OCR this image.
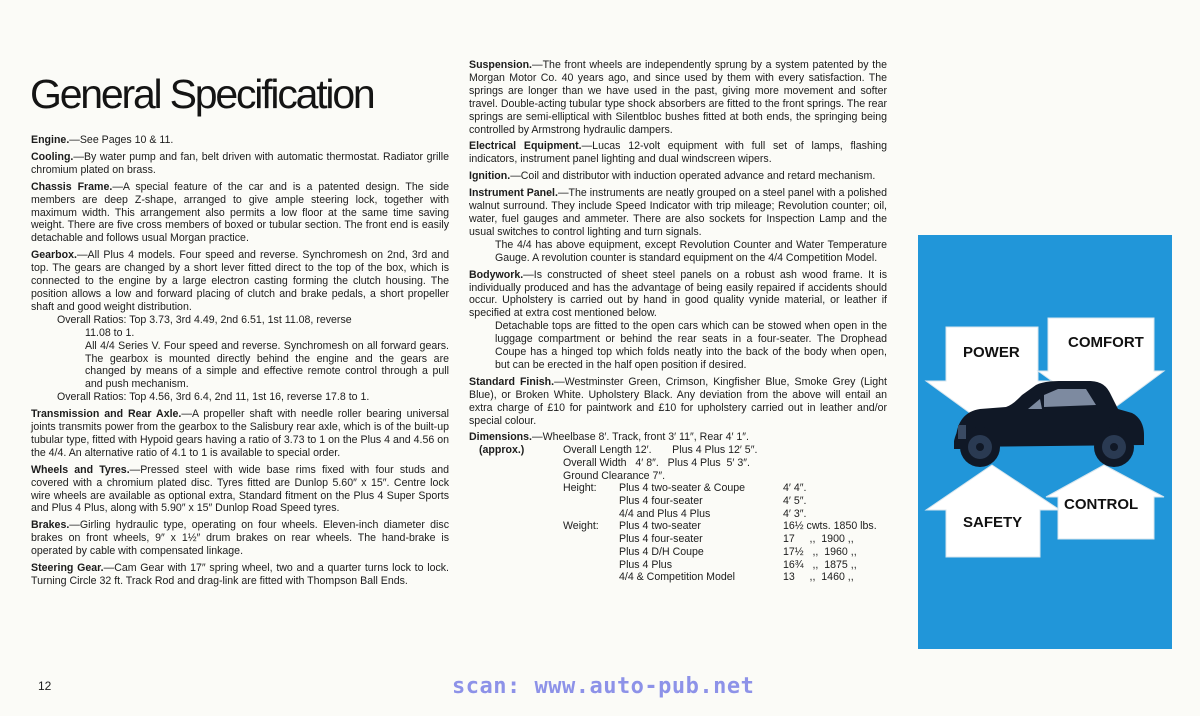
General Specification

Engine.—See Pages 10 & 11.

Cooling.—By water pump and fan, belt driven with automatic thermostat. Radiator grille chromium plated on brass.

Chassis Frame.—A special feature of the car and is a patented design. The side members are deep Z-shape, arranged to give ample steering lock, together with maximum width. This arrangement also permits a low floor at the same time saving weight. There are five cross members of boxed or tubular section. The front end is easily detachable and follows usual Morgan practice.

Gearbox.—All Plus 4 models. Four speed and reverse. Synchromesh on 2nd, 3rd and top. The gears are changed by a short lever fitted direct to the top of the box, which is connected to the engine by a large electron casting forming the clutch housing. The position allows a low and forward placing of clutch and brake pedals, a short propeller shaft and good weight distribution.

Overall Ratios: Top 3.73, 3rd 4.49, 2nd 6.51, 1st 11.08, reverse
11.08 to 1.
All 4/4 Series V. Four speed and reverse. Synchromesh on all forward gears. The gearbox is mounted directly behind the engine and the gears are changed by means of a simple and effective remote control through a pull and push mechanism.
Overall Ratios: Top 4.56, 3rd 6.4, 2nd 11, 1st 16, reverse 17.8 to 1.

Transmission and Rear Axle.—A propeller shaft with needle roller bearing universal joints transmits power from the gearbox to the Salisbury rear axle, which is of the built-up tubular type, fitted with Hypoid gears having a ratio of 3.73 to 1 on the Plus 4 and 4.56 on the 4/4. An alternative ratio of 4.1 to 1 is available to special order.

Wheels and Tyres.—Pressed steel with wide base rims fixed with four studs and covered with a chromium plated disc. Tyres fitted are Dunlop 5.60″ x 15″. Centre lock wire wheels are available as optional extra, Standard fitment on the Plus 4 Super Sports and Plus 4 Plus, along with 5.90″ x 15″ Dunlop Road Speed tyres.

Brakes.—Girling hydraulic type, operating on four wheels. Eleven-inch diameter disc brakes on front wheels, 9″ x 1½″ drum brakes on rear wheels. The hand-brake is operated by cable with compensated linkage.

Steering Gear.—Cam Gear with 17″ spring wheel, two and a quarter turns lock to lock. Turning Circle 32 ft. Track Rod and drag-link are fitted with Thompson Ball Ends.

Suspension.—The front wheels are independently sprung by a system patented by the Morgan Motor Co. 40 years ago, and since used by them with every satisfaction. The springs are longer than we have used in the past, giving more movement and softer travel. Double-acting tubular type shock absorbers are fitted to the front springs. The rear springs are semi-elliptical with Silentbloc bushes fitted at both ends, the springing being controlled by Armstrong hydraulic dampers.

Electrical Equipment.—Lucas 12-volt equipment with full set of lamps, flashing indicators, instrument panel lighting and dual windscreen wipers.

Ignition.—Coil and distributor with induction operated advance and retard mechanism.

Instrument Panel.—The instruments are neatly grouped on a steel panel with a polished walnut surround. They include Speed Indicator with trip mileage; Revolution counter; oil, water, fuel gauges and ammeter. There are also sockets for Inspection Lamp and the usual switches to control lighting and turn signals.

The 4/4 has above equipment, except Revolution Counter and Water Temperature Gauge. A revolution counter is standard equipment on the 4/4 Competition Model.

Bodywork.—Is constructed of sheet steel panels on a robust ash wood frame. It is individually produced and has the advantage of being easily repaired if accidents should occur. Upholstery is carried out by hand in good quality vynide material, or leather if specified at extra cost mentioned below.

Detachable tops are fitted to the open cars which can be stowed when open in the luggage compartment or behind the rear seats in a four-seater. The Drophead Coupe has a hinged top which folds neatly into the back of the body when open, but can be erected in the half open position if desired.

Standard Finish.—Westminster Green, Crimson, Kingfisher Blue, Smoke Grey (Light Blue), or Broken White. Upholstery Black. Any deviation from the above will entail an extra charge of £10 for paintwork and £10 for upholstery carried out in leather and/or special colour.

Dimensions.—Wheelbase 8′. Track, front 3′ 11″, Rear 4′ 1″.			
(approx.)	Overall Length 12′.       Plus 4 Plus 12′ 5″.		
	Overall Width   4′ 8″.   Plus 4 Plus  5′ 3″.		
	Ground Clearance 7″.		
	Height:	Plus 4 two-seater & Coupe	4′ 4″.
		Plus 4 four-seater	4′ 5″.
		4/4 and Plus 4 Plus	4′ 3″.
	Weight:	Plus 4 two-seater	16½ cwts. 1850 lbs.
		Plus 4 four-seater	17     ,, 1900 ,,
		Plus 4 D/H Coupe	17½   ,, 1960 ,,
		Plus 4 Plus	16¾   ,, 1875 ,,
		4/4 & Competition Model	13     ,, 1460 ,,
POWER
COMFORT
SAFETY
CONTROL
12	scan: www.auto-pub.net
